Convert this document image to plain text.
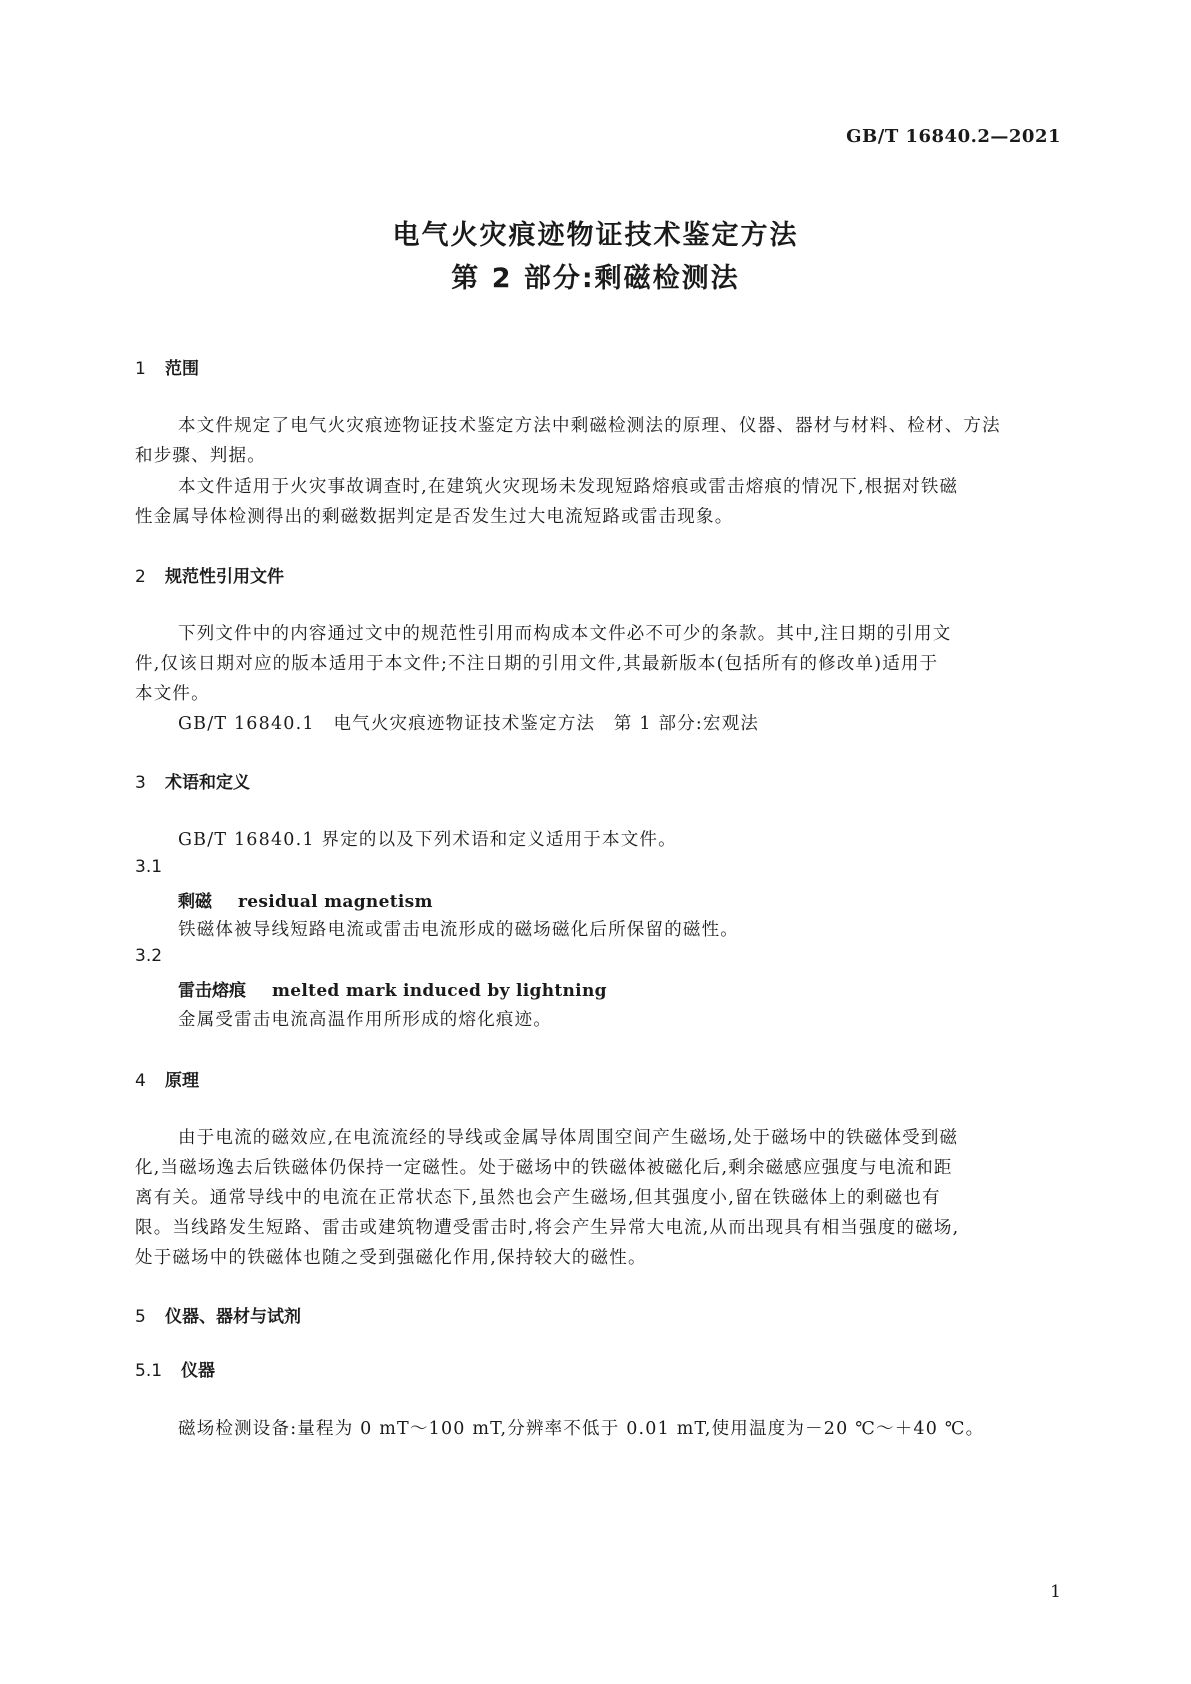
GB/T 16840.2—2021
电气火灾痕迹物证技术鉴定方法
第 2 部分:剩磁检测法
1 范围
本文件规定了电气火灾痕迹物证技术鉴定方法中剩磁检测法的原理、仪器、器材与材料、检材、方法
和步骤、判据。
本文件适用于火灾事故调查时,在建筑火灾现场未发现短路熔痕或雷击熔痕的情况下,根据对铁磁
性金属导体检测得出的剩磁数据判定是否发生过大电流短路或雷击现象。
2 规范性引用文件
下列文件中的内容通过文中的规范性引用而构成本文件必不可少的条款。其中,注日期的引用文
件,仅该日期对应的版本适用于本文件;不注日期的引用文件,其最新版本(包括所有的修改单)适用于
本文件。
GB/T 16840.1　电气火灾痕迹物证技术鉴定方法　第 1 部分:宏观法
3 术语和定义
GB/T 16840.1 界定的以及下列术语和定义适用于本文件。
3.1
剩磁 residual magnetism
铁磁体被导线短路电流或雷击电流形成的磁场磁化后所保留的磁性。
3.2
雷击熔痕 melted mark induced by lightning
金属受雷击电流高温作用所形成的熔化痕迹。
4 原理
由于电流的磁效应,在电流流经的导线或金属导体周围空间产生磁场,处于磁场中的铁磁体受到磁
化,当磁场逸去后铁磁体仍保持一定磁性。处于磁场中的铁磁体被磁化后,剩余磁感应强度与电流和距
离有关。通常导线中的电流在正常状态下,虽然也会产生磁场,但其强度小,留在铁磁体上的剩磁也有
限。当线路发生短路、雷击或建筑物遭受雷击时,将会产生异常大电流,从而出现具有相当强度的磁场,
处于磁场中的铁磁体也随之受到强磁化作用,保持较大的磁性。
5 仪器、器材与试剂
5.1 仪器
磁场检测设备:量程为 0 mT～100 mT,分辨率不低于 0.01 mT,使用温度为－20 ℃～＋40 ℃。
1
